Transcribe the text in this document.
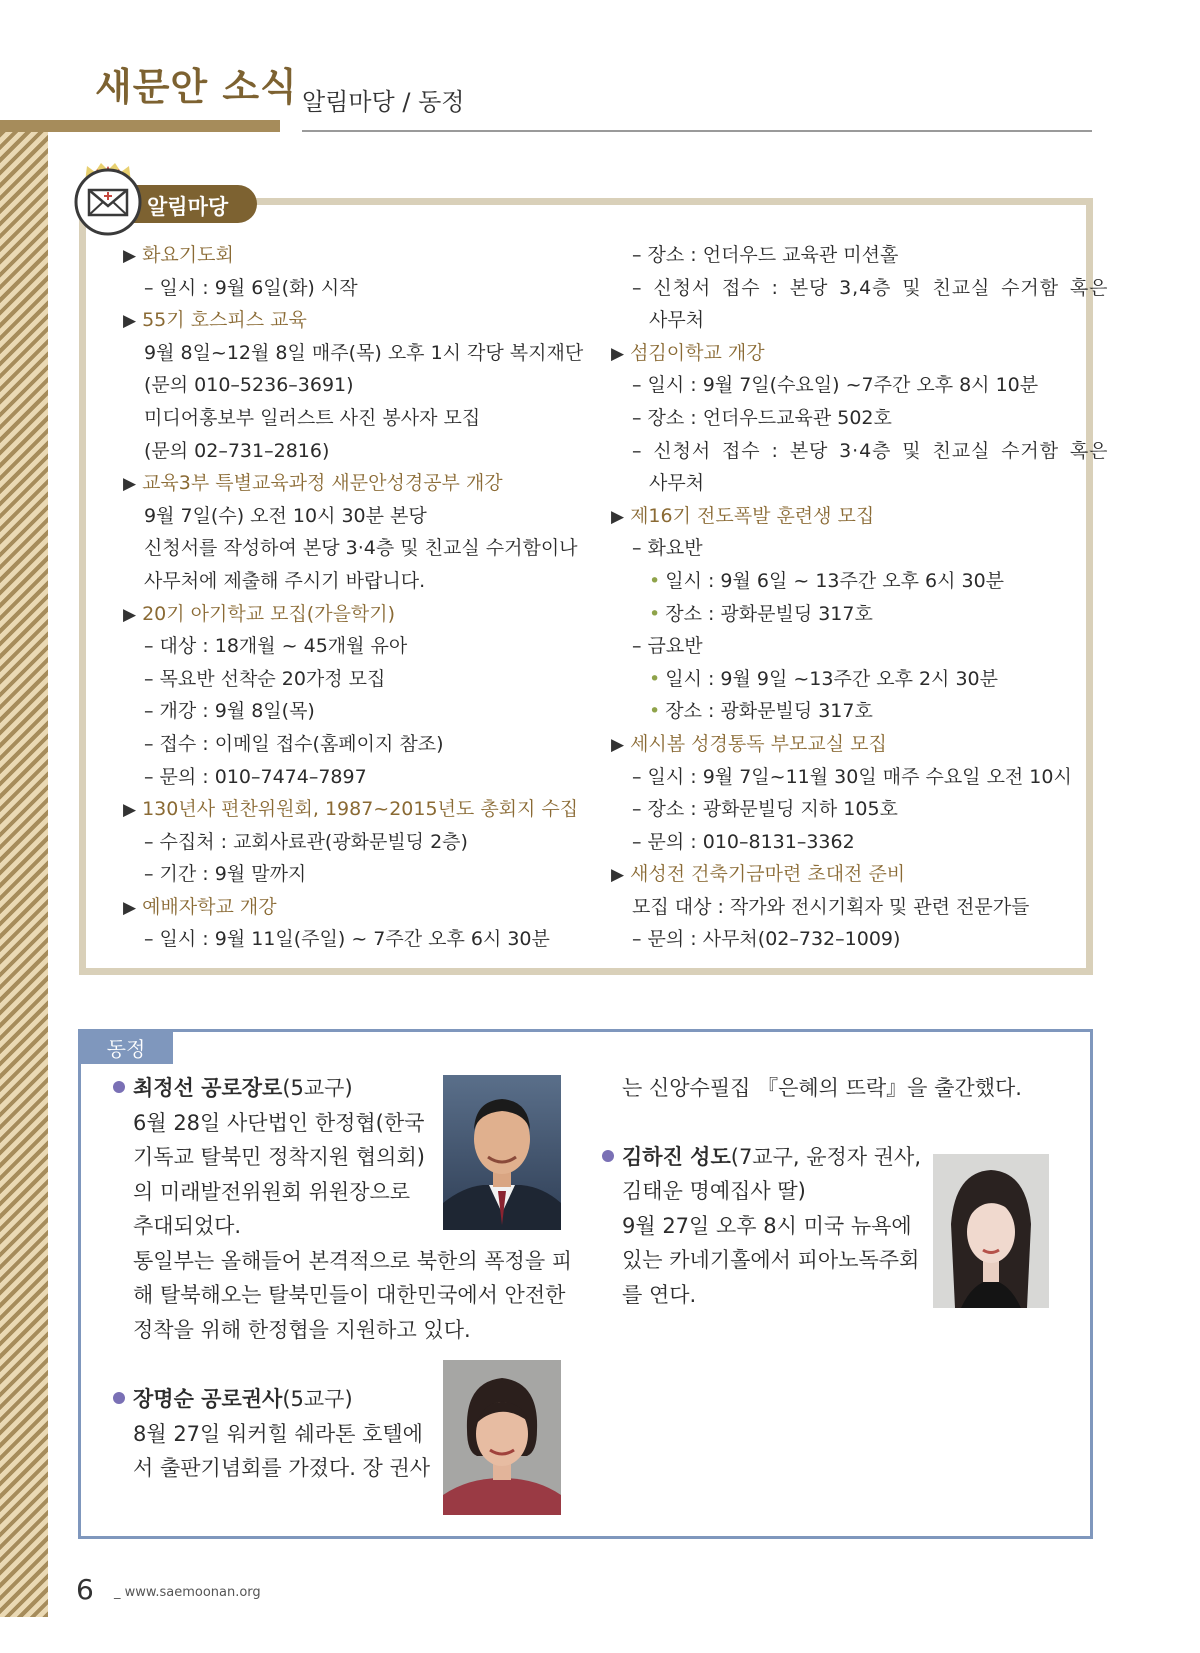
새문안 소식 알림마당 / 동정
알림마당
▶ 화요기도회
– 일시 : 9월 6일(화) 시작
▶ 55기 호스피스 교육
9월 8일~12월 8일 매주(목) 오후 1시 각당 복지재단
(문의 010–5236–3691)
미디어홍보부 일러스트 사진 봉사자 모집
(문의 02–731–2816)
▶ 교육3부 특별교육과정 새문안성경공부 개강
9월 7일(수) 오전 10시 30분 본당
신청서를 작성하여 본당 3·4층 및 친교실 수거함이나
사무처에 제출해 주시기 바랍니다.
▶ 20기 아기학교 모집(가을학기)
– 대상 : 18개월 ~ 45개월 유아
– 목요반 선착순 20가정 모집
– 개강 : 9월 8일(목)
– 접수 : 이메일 접수(홈페이지 참조)
– 문의 : 010–7474–7897
▶ 130년사 편찬위원회, 1987~2015년도 총회지 수집
– 수집처 : 교회사료관(광화문빌딩 2층)
– 기간 : 9월 말까지
▶ 예배자학교 개강
– 일시 : 9월 11일(주일) ~ 7주간 오후 6시 30분
– 장소 : 언더우드 교육관 미션홀
– 신청서 접수 : 본당 3,4층 및 친교실 수거함 혹은
사무처
▶ 섬김이학교 개강
– 일시 : 9월 7일(수요일) ~7주간 오후 8시 10분
– 장소 : 언더우드교육관 502호
– 신청서 접수 : 본당 3·4층 및 친교실 수거함 혹은
사무처
▶ 제16기 전도폭발 훈련생 모집
– 화요반
• 일시 : 9월 6일 ~ 13주간 오후 6시 30분
• 장소 : 광화문빌딩 317호
– 금요반
• 일시 : 9월 9일 ~13주간 오후 2시 30분
• 장소 : 광화문빌딩 317호
▶ 세시봄 성경통독 부모교실 모집
– 일시 : 9월 7일~11월 30일 매주 수요일 오전 10시
– 장소 : 광화문빌딩 지하 105호
– 문의 : 010–8131–3362
▶ 새성전 건축기금마련 초대전 준비
모집 대상 : 작가와 전시기획자 및 관련 전문가들
– 문의 : 사무처(02–732–1009)
동정
최정선 공로장로(5교구)
6월 28일 사단법인 한정협(한국
기독교 탈북민 정착지원 협의회)
의 미래발전위원회 위원장으로
추대되었다.
통일부는 올해들어 본격적으로 북한의 폭정을 피
해 탈북해오는 탈북민들이 대한민국에서 안전한
정착을 위해 한정협을 지원하고 있다.
장명순 공로권사(5교구)
8월 27일 워커힐 쉐라톤 호텔에
서 출판기념회를 가졌다. 장 권사
는 신앙수필집 『은혜의 뜨락』을 출간했다.
김하진 성도(7교구, 윤정자 권사,
김태운 명예집사 딸)
9월 27일 오후 8시 미국 뉴욕에
있는 카네기홀에서 피아노독주회
를 연다.
6 _ www.saemoonan.org
